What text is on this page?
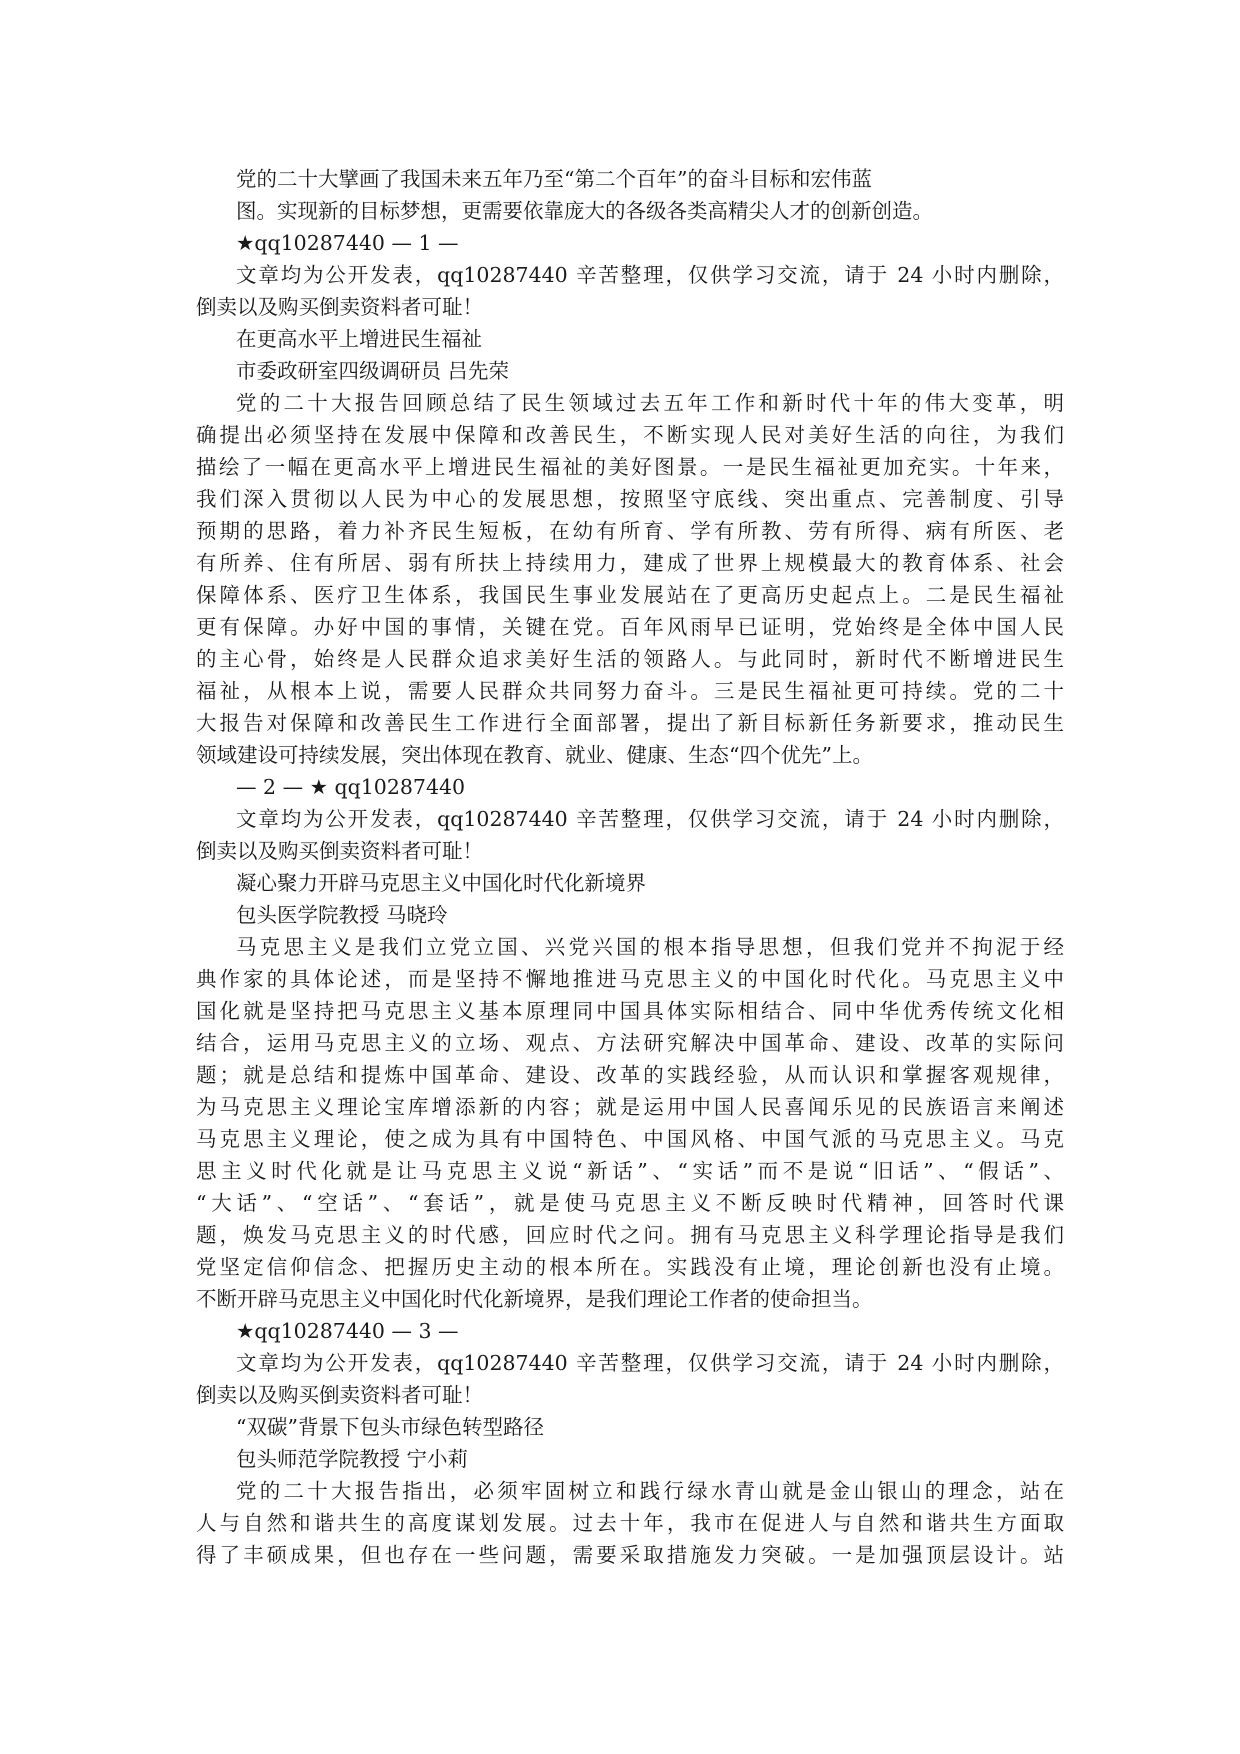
党的二十大擘画了我国未来五年乃至“第二个百年”的奋斗目标和宏伟蓝
图。实现新的目标梦想，更需要依靠庞大的各级各类高精尖人才的创新创造。
★qq10287440 — 1 —
文章均为公开发表，qq10287440 辛苦整理，仅供学习交流，请于 24 小时内删除，
倒卖以及购买倒卖资料者可耻！
在更高水平上增进民生福祉
市委政研室四级调研员 吕先荣
党的二十大报告回顾总结了民生领域过去五年工作和新时代十年的伟大变革，明
确提出必须坚持在发展中保障和改善民生，不断实现人民对美好生活的向往，为我们
描绘了一幅在更高水平上增进民生福祉的美好图景。一是民生福祉更加充实。十年来，
我们深入贯彻以人民为中心的发展思想，按照坚守底线、突出重点、完善制度、引导
预期的思路，着力补齐民生短板，在幼有所育、学有所教、劳有所得、病有所医、老
有所养、住有所居、弱有所扶上持续用力，建成了世界上规模最大的教育体系、社会
保障体系、医疗卫生体系，我国民生事业发展站在了更高历史起点上。二是民生福祉
更有保障。办好中国的事情，关键在党。百年风雨早已证明，党始终是全体中国人民
的主心骨，始终是人民群众追求美好生活的领路人。与此同时，新时代不断增进民生
福祉，从根本上说，需要人民群众共同努力奋斗。三是民生福祉更可持续。党的二十
大报告对保障和改善民生工作进行全面部署，提出了新目标新任务新要求，推动民生
领域建设可持续发展，突出体现在教育、就业、健康、生态“四个优先”上。
— 2 — ★ qq10287440
文章均为公开发表，qq10287440 辛苦整理，仅供学习交流，请于 24 小时内删除，
倒卖以及购买倒卖资料者可耻！
凝心聚力开辟马克思主义中国化时代化新境界
包头医学院教授 马晓玲
马克思主义是我们立党立国、兴党兴国的根本指导思想，但我们党并不拘泥于经
典作家的具体论述，而是坚持不懈地推进马克思主义的中国化时代化。马克思主义中
国化就是坚持把马克思主义基本原理同中国具体实际相结合、同中华优秀传统文化相
结合，运用马克思主义的立场、观点、方法研究解决中国革命、建设、改革的实际问
题；就是总结和提炼中国革命、建设、改革的实践经验，从而认识和掌握客观规律，
为马克思主义理论宝库增添新的内容；就是运用中国人民喜闻乐见的民族语言来阐述
马克思主义理论，使之成为具有中国特色、中国风格、中国气派的马克思主义。马克
思主义时代化就是让马克思主义说“新话”、“实话”而不是说“旧话”、“假话”、
“大话”、“空话”、“套话”，就是使马克思主义不断反映时代精神，回答时代课
题，焕发马克思主义的时代感，回应时代之问。拥有马克思主义科学理论指导是我们
党坚定信仰信念、把握历史主动的根本所在。实践没有止境，理论创新也没有止境。
不断开辟马克思主义中国化时代化新境界，是我们理论工作者的使命担当。
★qq10287440 — 3 —
文章均为公开发表，qq10287440 辛苦整理，仅供学习交流，请于 24 小时内删除，
倒卖以及购买倒卖资料者可耻！
“双碳”背景下包头市绿色转型路径
包头师范学院教授 宁小莉
党的二十大报告指出，必须牢固树立和践行绿水青山就是金山银山的理念，站在
人与自然和谐共生的高度谋划发展。过去十年，我市在促进人与自然和谐共生方面取
得了丰硕成果，但也存在一些问题，需要采取措施发力突破。一是加强顶层设计。站
